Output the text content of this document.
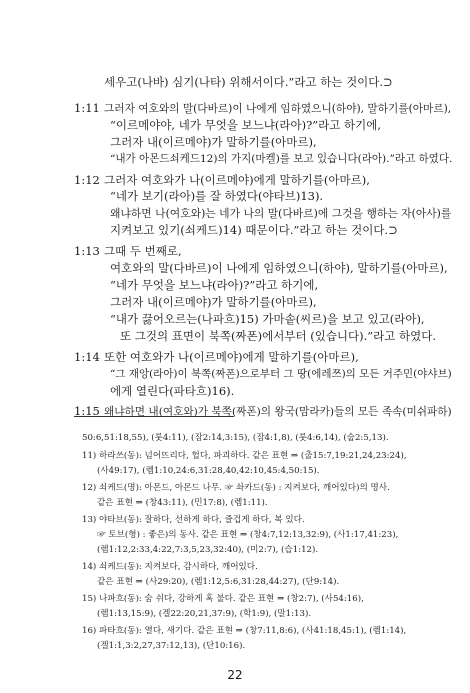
세우고(나바) 심기(나타) 위해서이다.”라고 하는 것이다.⊃
1:11 그러자 여호와의 말(다바르)이 나에게 임하였으니(하야), 말하기를(아마르),
“이르메야야, 네가 무엇을 보느냐(라아)?”라고 하기에,
그러자 내(이르메야)가 말하기를(아마르),
“내가 아몬드쇠케드12)의 가지(마켈)를 보고 있습니다(라아).”라고 하였다.
1:12 그러자 여호와가 나(이르메야)에게 말하기를(아마르),
“네가 보기(라아)를 잘 하였다(야타브)13).
왜냐하면 나(여호와)는 네가 나의 말(다바르)에 그것을 행하는 자(아사)를
지켜보고 있기(쇠케드)14) 때문이다.”라고 하는 것이다.⊃
1:13 그때 두 번째로,
여호와의 말(다바르)이 나에게 임하였으니(하야), 말하기를(아마르),
“네가 무엇을 보느냐(라아)?”라고 하기에,
그러자 내(이르메야)가 말하기를(아마르),
“내가 끓어오르는(나파흐)15) 가마솥(씨르)을 보고 있고(라아),
또 그것의 표면이 북쪽(짜폰)에서부터 (있습니다).”라고 하였다.
1:14 또한 여호와가 나(이르메야)에게 말하기를(아마르),
“그 재앙(라아)이 북쪽(짜폰)으로부터 그 땅(에레쯔)의 모든 거주민(야샤브)
에게 열린다(파타흐)16).
1:15 왜냐하면 내(여호와)가 북쪽(짜폰)의 왕국(맘라카)들의 모든 족속(미쉬파하)
50:6,51:18,55), (룻4:11), (잠2:14,3:15), (잠4:1,8), (룻4:6,14), (숩2:5,13).
11) 하라쓰(동): 넘어뜨리다, 헐다, 파괴하다. 같은 표현 ⇒ (출15:7,19:21,24,23:24),
(사49:17), (렘1:10,24:6,31:28,40,42:10,45:4,50:15).
12) 쇠케드(명): 아몬드, 아몬드 나무. ☞ 솨카드(동) : 지켜보다, 깨어있다)의 명사.
같은 표현 ⇒ (창43:11), (민17:8), (렘1:11).
13) 야타브(동): 잘하다, 선하게 하다, 즐겁게 하다, 복 있다.
☞ 토브(형) : 좋은)의 동사. 같은 표현 ⇒ (창4:7,12:13,32:9), (사1:17,41:23),
(렘1:12,2:33,4:22,7:3,5,23,32:40), (미2:7), (습1:12).
14) 쇠케드(동): 지켜보다, 감시하다, 깨어있다.
같은 표현 ⇒ (사29:20), (렘1:12,5:6,31:28,44:27), (단9:14).
15) 나파흐(동): 숨 쉬다, 강하게 혹 불다. 같은 표현 ⇒ (창2:7), (사54:16),
(렘1:13,15:9), (겔22:20,21,37:9), (학1:9), (말1:13).
16) 파타흐(동): 열다, 새기다. 같은 표현 ⇒ (창7:11,8:6), (사41:18,45:1), (렘1:14),
(겔1:1,3:2,27,37:12,13), (단10:16).
22
